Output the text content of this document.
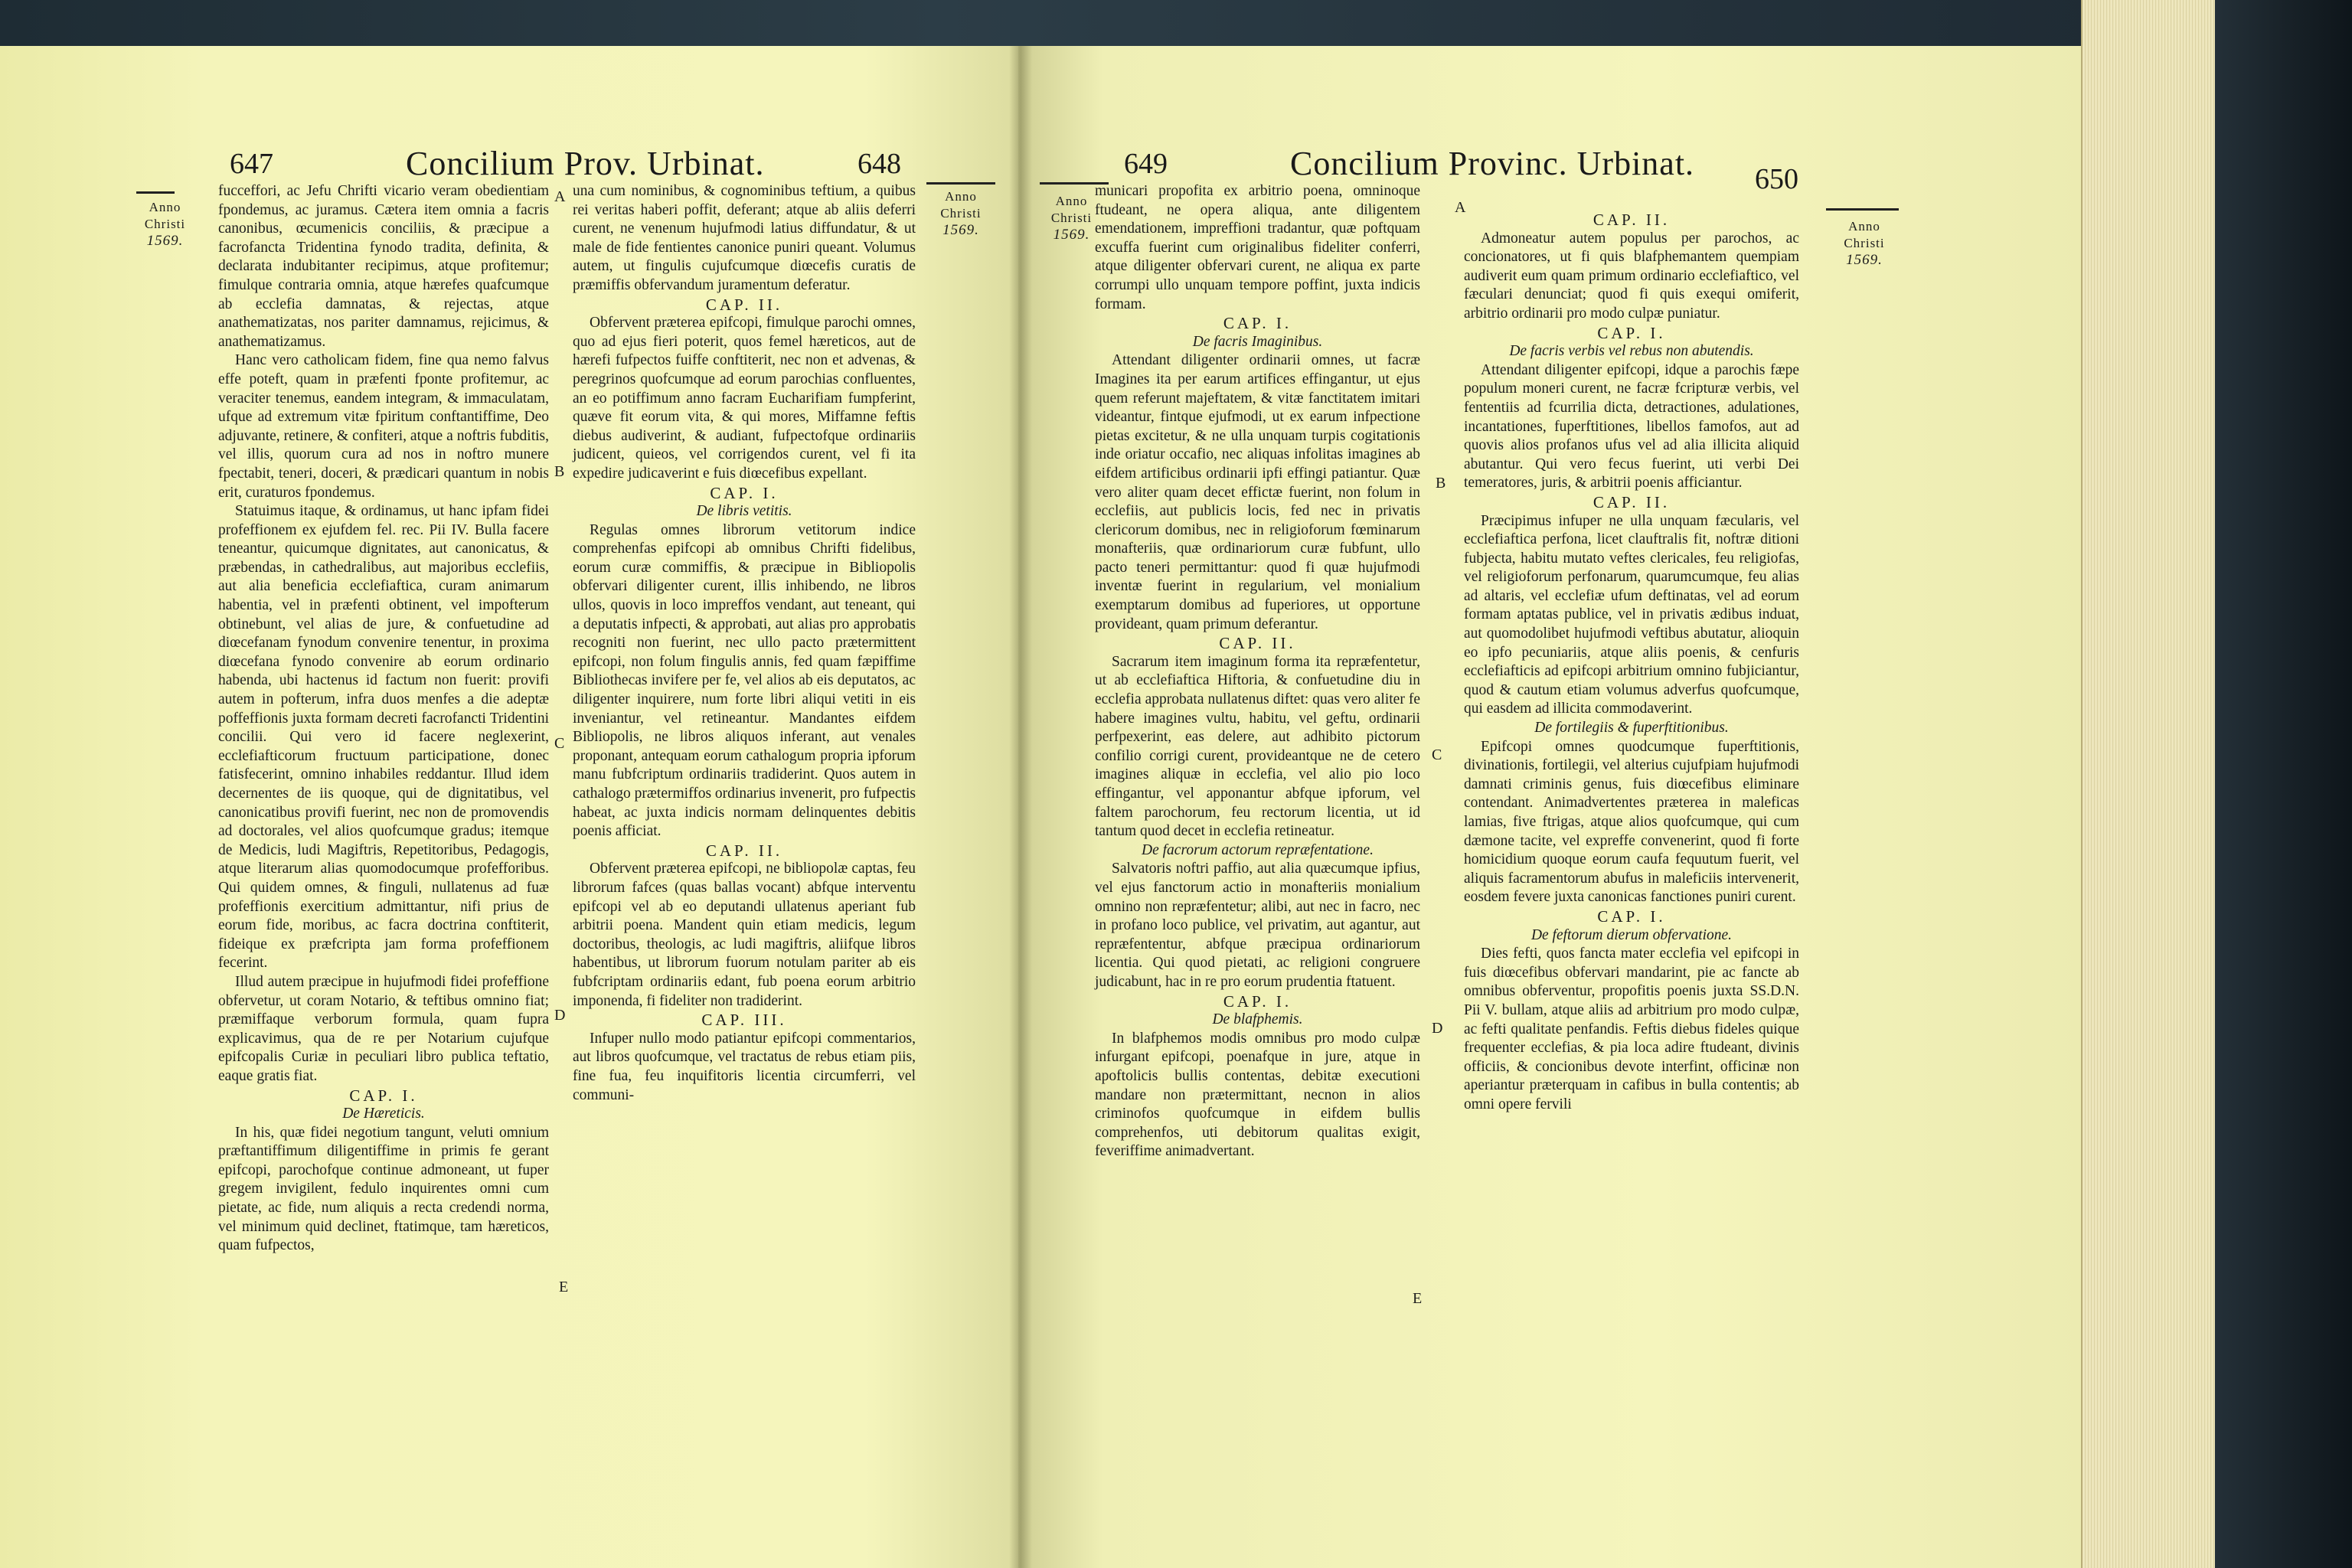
647	Concilium Prov. Urbinat.	648
Anno
Christi
1569.
Anno
Christi
1569.
A
B
C
D
E

fucceffori, ac Jefu Chrifti vicario veram obedientiam fpondemus, ac juramus. Cætera item omnia a facris canonibus, œcumenicis conciliis, & præcipue a facrofancta Tridentina fynodo tradita, definita, & declarata indubitanter recipimus, atque profitemur; fimulque contraria omnia, atque hærefes quafcumque ab ecclefia damnatas, & rejectas, atque anathematizatas, nos pariter damnamus, rejicimus, & anathematizamus.

Hanc vero catholicam fidem, fine qua nemo falvus effe poteft, quam in præfenti fponte profitemur, ac veraciter tenemus, eandem integram, & immaculatam, ufque ad extremum vitæ fpiritum conftantiffime, Deo adjuvante, retinere, & confiteri, atque a noftris fubditis, vel illis, quorum cura ad nos in noftro munere fpectabit, teneri, doceri, & prædicari quantum in nobis erit, curaturos fpondemus.

Statuimus itaque, & ordinamus, ut hanc ipfam fidei profeffionem ex ejufdem fel. rec. Pii IV. Bulla facere teneantur, quicumque dignitates, aut canonicatus, & præbendas, in cathedralibus, aut majoribus ecclefiis, aut alia beneficia ecclefiaftica, curam animarum habentia, vel in præfenti obtinent, vel impofterum obtinebunt, vel alias de jure, & confuetudine ad diœcefanam fynodum convenire tenentur, in proxima diœcefana fynodo convenire ab eorum ordinario habenda, ubi hactenus id factum non fuerit: provifi autem in pofterum, infra duos menfes a die adeptæ poffeffionis juxta formam decreti facrofancti Tridentini concilii. Qui vero id facere neglexerint, ecclefiafticorum fructuum participatione, donec fatisfecerint, omnino inhabiles reddantur. Illud idem decernentes de iis quoque, qui de dignitatibus, vel canonicatibus provifi fuerint, nec non de promovendis ad doctorales, vel alios quofcumque gradus; itemque de Medicis, ludi Magiftris, Repetitoribus, Pedagogis, atque literarum alias quomodocumque profefforibus. Qui quidem omnes, & finguli, nullatenus ad fuæ profeffionis exercitium admittantur, nifi prius de eorum fide, moribus, ac facra doctrina conftiterit, fideique ex præfcripta jam forma profeffionem fecerint.

Illud autem præcipue in hujufmodi fidei profeffione obfervetur, ut coram Notario, & teftibus omnino fiat; præmiffaque verborum formula, quam fupra explicavimus, qua de re per Notarium cujufque epifcopalis Curiæ in peculiari libro publica teftatio, eaque gratis fiat.

CAP. I.

De Hæreticis.

In his, quæ fidei negotium tangunt, veluti omnium præftantiffimum diligentiffime in primis fe gerant epifcopi, parochofque continue admoneant, ut fuper gregem invigilent, fedulo inquirentes omni cum pietate, ac fide, num aliquis a recta credendi norma, vel minimum quid declinet, ftatimque, tam hæreticos, quam fufpectos,

una cum nominibus, & cognominibus teftium, a quibus rei veritas haberi poffit, deferant; atque ab aliis deferri curent, ne venenum hujufmodi latius diffundatur, & ut male de fide fentientes canonice puniri queant. Volumus autem, ut fingulis cujufcumque diœcefis curatis de præmiffis obfervandum juramentum deferatur.

CAP. II.

Obfervent præterea epifcopi, fimulque parochi omnes, quo ad ejus fieri poterit, quos femel hæreticos, aut de hærefi fufpectos fuiffe conftiterit, nec non et advenas, & peregrinos quofcumque ad eorum parochias confluentes, an eo potiffimum anno facram Eucharifiam fumpferint, quæve fit eorum vita, & qui mores, Miffamne feftis diebus audiverint, & audiant, fufpectofque ordinariis judicent, quieos, vel corrigendos curent, vel fi ita expedire judicaverint e fuis diœcefibus expellant.

CAP. I.

De libris vetitis.

Regulas omnes librorum vetitorum indice comprehenfas epifcopi ab omnibus Chrifti fidelibus, eorum curæ commiffis, & præcipue in Bibliopolis obfervari diligenter curent, illis inhibendo, ne libros ullos, quovis in loco impreffos vendant, aut teneant, qui a deputatis infpecti, & approbati, aut alias pro approbatis recogniti non fuerint, nec ullo pacto prætermittent epifcopi, non folum fingulis annis, fed quam fæpiffime Bibliothecas invifere per fe, vel alios ab eis deputatos, ac diligenter inquirere, num forte libri aliqui vetiti in eis inveniantur, vel retineantur. Mandantes eifdem Bibliopolis, ne libros aliquos inferant, aut venales proponant, antequam eorum cathalogum propria ipforum manu fubfcriptum ordinariis tradiderint. Quos autem in cathalogo prætermiffos ordinarius invenerit, pro fufpectis habeat, ac juxta indicis normam delinquentes debitis poenis afficiat.

CAP. II.

Obfervent præterea epifcopi, ne bibliopolæ captas, feu librorum fafces (quas ballas vocant) abfque interventu epifcopi vel ab eo deputandi ullatenus aperiant fub arbitrii poena. Mandent quin etiam medicis, legum doctoribus, theologis, ac ludi magiftris, aliifque libros habentibus, ut librorum fuorum notulam pariter ab eis fubfcriptam ordinariis edant, fub poena eorum arbitrio imponenda, fi fideliter non tradiderint.

CAP. III.

Infuper nullo modo patiantur epifcopi commentarios, aut libros quofcumque, vel tractatus de rebus etiam piis, fine fua, feu inquifitoris licentia circumferri, vel communi-

649	Concilium Provinc. Urbinat. 650
Anno
Christi
1569.
Anno
Christi
1569.
A
B
C
D
E

municari propofita ex arbitrio poena, omninoque ftudeant, ne opera aliqua, ante diligentem emendationem, impreffioni tradantur, quæ poftquam excuffa fuerint cum originalibus fideliter conferri, atque diligenter obfervari curent, ne aliqua ex parte corrumpi ullo unquam tempore poffint, juxta indicis formam.

CAP. I.

De facris Imaginibus.

Attendant diligenter ordinarii omnes, ut facræ Imagines ita per earum artifices effingantur, ut ejus quem referunt majeftatem, & vitæ fanctitatem imitari videantur, fintque ejufmodi, ut ex earum infpectione pietas excitetur, & ne ulla unquam turpis cogitationis inde oriatur occafio, nec aliquas infolitas imagines ab eifdem artificibus ordinarii ipfi effingi patiantur. Quæ vero aliter quam decet effictæ fuerint, non folum in ecclefiis, aut publicis locis, fed nec in privatis clericorum domibus, nec in religioforum fœminarum monafteriis, quæ ordinariorum curæ fubfunt, ullo pacto teneri permittantur: quod fi quæ hujufmodi inventæ fuerint in regularium, vel monialium exemptarum domibus ad fuperiores, ut opportune provideant, quam primum deferantur.

CAP. II.

Sacrarum item imaginum forma ita repræfentetur, ut ab ecclefiaftica Hiftoria, & confuetudine diu in ecclefia approbata nullatenus diftet: quas vero aliter fe habere imagines vultu, habitu, vel geftu, ordinarii perfpexerint, eas delere, aut adhibito pictorum confilio corrigi curent, provideantque ne de cetero imagines aliquæ in ecclefia, vel alio pio loco effingantur, vel apponantur abfque ipforum, vel faltem parochorum, feu rectorum licentia, ut id tantum quod decet in ecclefia retineatur.

De facrorum actorum repræfentatione.

Salvatoris noftri paffio, aut alia quæcumque ipfius, vel ejus fanctorum actio in monafteriis monialium omnino non repræfentetur; alibi, aut nec in facro, nec in profano loco publice, vel privatim, aut agantur, aut repræfententur, abfque præcipua ordinariorum licentia. Qui quod pietati, ac religioni congruere judicabunt, hac in re pro eorum prudentia ftatuent.

CAP. I.

De blafphemis.

In blafphemos modis omnibus pro modo culpæ infurgant epifcopi, poenafque in jure, atque in apoftolicis bullis contentas, debitæ executioni mandare non prætermittant, necnon in alios criminofos quofcumque in eifdem bullis comprehenfos, uti debitorum qualitas exigit, feveriffime animadvertant.

CAP. II.

Admoneatur autem populus per parochos, ac concionatores, ut fi quis blafphemantem quempiam audiverit eum quam primum ordinario ecclefiaftico, vel fæculari denunciat; quod fi quis exequi omiferit, arbitrio ordinarii pro modo culpæ puniatur.

CAP. I.

De facris verbis vel rebus non abutendis.

Attendant diligenter epifcopi, idque a parochis fæpe populum moneri curent, ne facræ fcripturæ verbis, vel fententiis ad fcurrilia dicta, detractiones, adulationes, incantationes, fuperftitiones, libellos famofos, aut ad quovis alios profanos ufus vel ad alia illicita aliquid abutantur. Qui vero fecus fuerint, uti verbi Dei temeratores, juris, & arbitrii poenis afficiantur.

CAP. II.

Præcipimus infuper ne ulla unquam fæcularis, vel ecclefiaftica perfona, licet clauftralis fit, noftræ ditioni fubjecta, habitu mutato veftes clericales, feu religiofas, vel religioforum perfonarum, quarumcumque, feu alias ad altaris, vel ecclefiæ ufum deftinatas, vel ad eorum formam aptatas publice, vel in privatis ædibus induat, aut quomodolibet hujufmodi veftibus abutatur, alioquin eo ipfo pecuniariis, atque aliis poenis, & cenfuris ecclefiafticis ad epifcopi arbitrium omnino fubjiciantur, quod & cautum etiam volumus adverfus quofcumque, qui easdem ad illicita commodaverint.

De fortilegiis & fuperftitionibus.

Epifcopi omnes quodcumque fuperftitionis, divinationis, fortilegii, vel alterius cujufpiam hujufmodi damnati criminis genus, fuis diœcefibus eliminare contendant. Animadvertentes præterea in maleficas lamias, five ftrigas, atque alios quofcumque, qui cum dæmone tacite, vel expreffe convenerint, quod fi forte homicidium quoque eorum caufa fequutum fuerit, vel aliquis facramentorum abufus in maleficiis intervenerit, eosdem fevere juxta canonicas fanctiones puniri curent.

CAP. I.

De feftorum dierum obfervatione.

Dies fefti, quos fancta mater ecclefia vel epifcopi in fuis diœcefibus obfervari mandarint, pie ac fancte ab omnibus obferventur, propofitis poenis juxta SS.D.N. Pii V. bullam, atque aliis ad arbitrium pro modo culpæ, ac fefti qualitate penfandis. Feftis diebus fideles quique frequenter ecclefias, & pia loca adire ftudeant, divinis officiis, & concionibus devote interfint, officinæ non aperiantur præterquam in cafibus in bulla contentis; ab omni opere fervili
